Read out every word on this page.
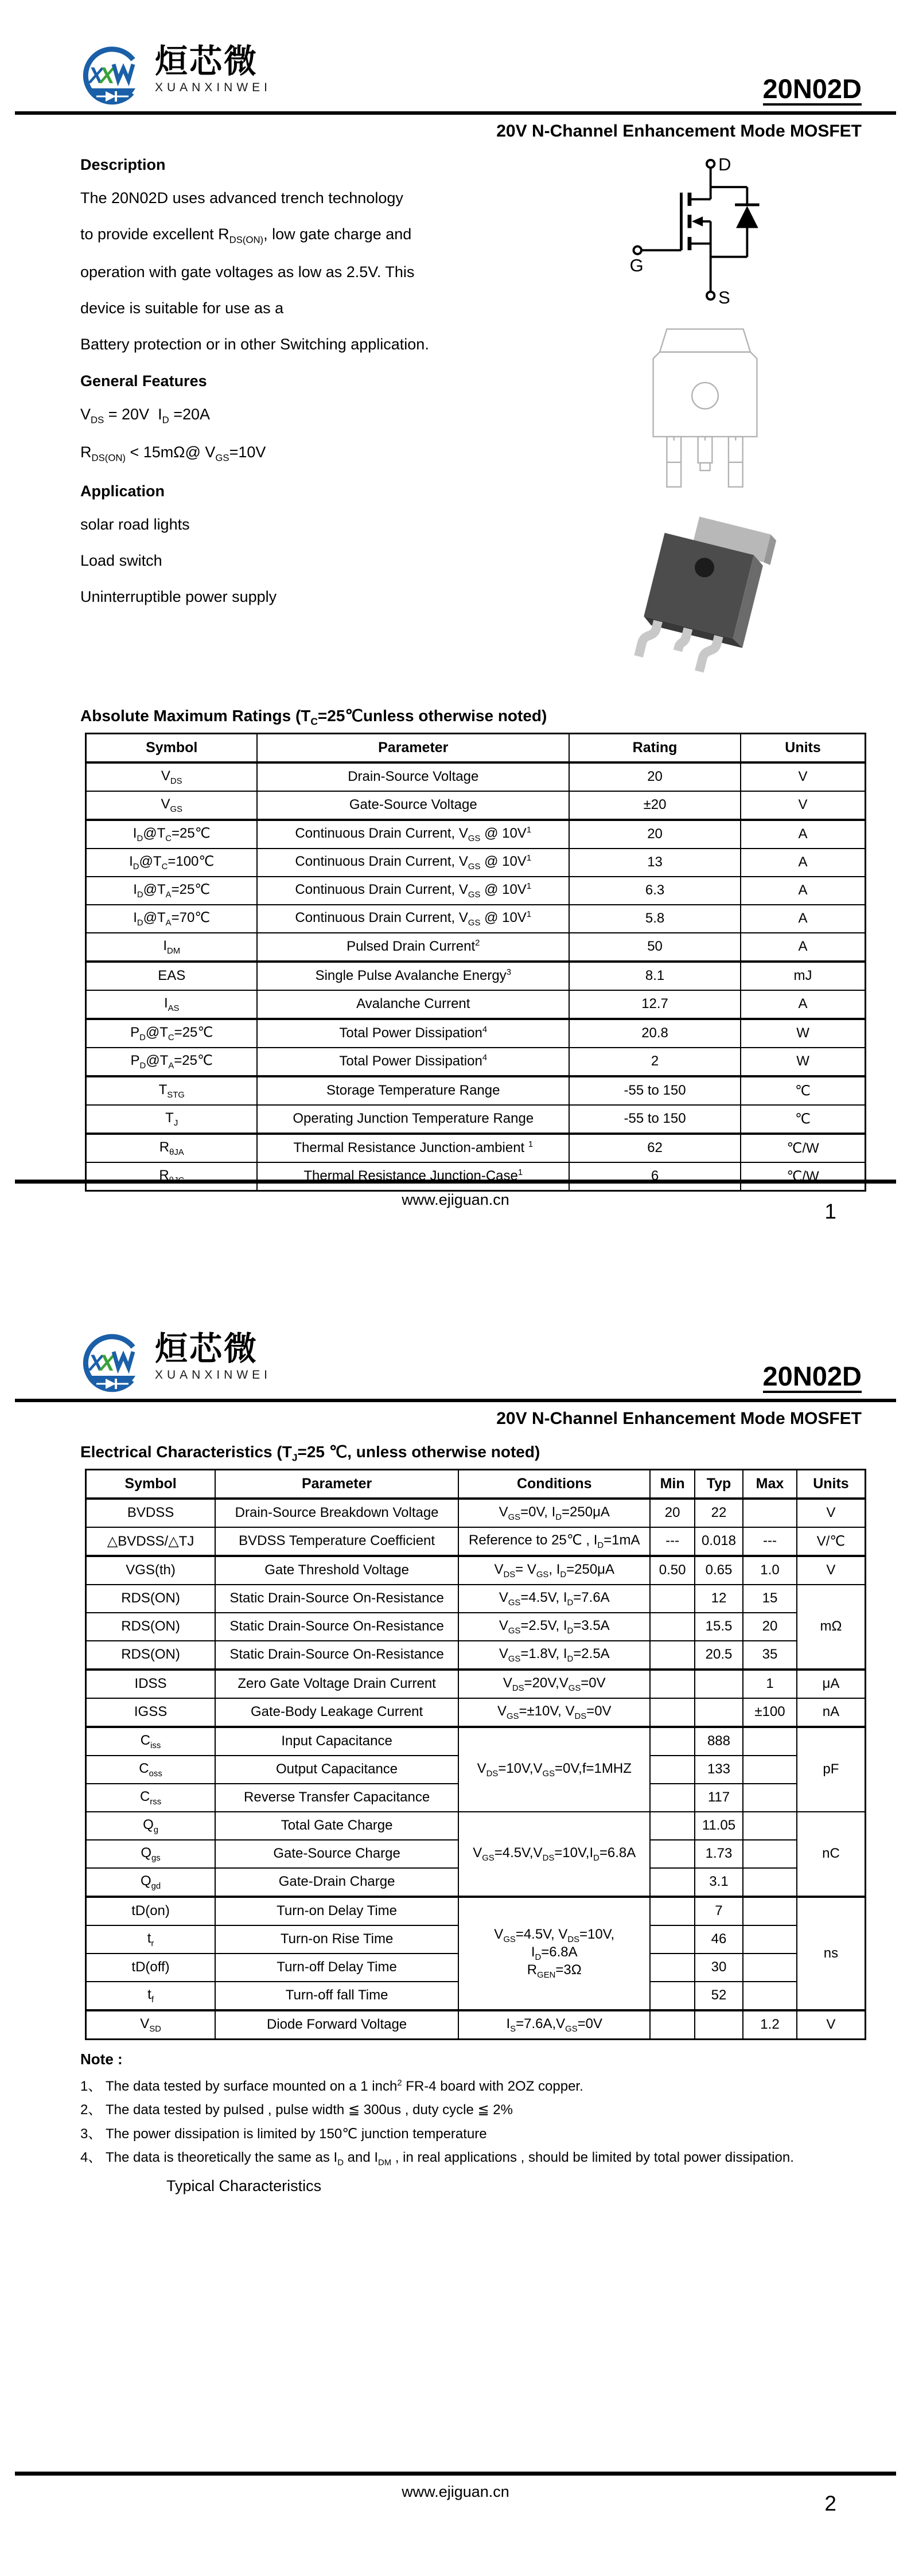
X
X 烜芯微
XUANXINWEI	20N02D
20V N-Channel Enhancement Mode MOSFET
Description

The 20N02D uses advanced trench technology

to provide excellent $R_{DS(ON)}$, low gate charge and

operation with gate voltages as low as 2.5V. This

device is suitable for use as a

Battery protection or in other Switching application.

General Features

$V_{DS} = 20V$  $I_D =20A$

$R_{DS(ON)}$ < 15mΩ@ $V_{GS}=10V$

Application

solar road lights

Load switch

Uninterruptible power supply

D
G
S
Absolute Maximum Ratings ($T_C=25℃unless$ otherwise noted)
Symbol	Parameter	Rating	Units
$V_{DS}$	Drain-Source Voltage	20	V
$V_{GS}$	Gate-Source Voltage	±20	V
$I_D@T_C=25℃$	Continuous Drain Current, $V_{GS}$ @ $10V^1$	20	A
$I_D@T_C=100℃$	Continuous Drain Current, $V_{GS}$ @ $10V^1$	13	A
$I_D@T_A=25℃$	Continuous Drain Current, $V_{GS}$ @ $10V^1$	6.3	A
$I_D@T_A=70℃$	Continuous Drain Current, $V_{GS}$ @ $10V^1$	5.8	A
$I_{DM}$	Pulsed Drain Current$^2$	50	A
EAS	Single Pulse Avalanche Energy$^3$	8.1	mJ
$I_{AS}$	Avalanche Current	12.7	A
$P_D@T_C=25℃$	Total Power Dissipation$^4$	20.8	W
$P_D@T_A=25℃$	Total Power Dissipation$^4$	2	W
$T_{STG}$	Storage Temperature Range	-55 to 150	℃
$T_J$	Operating Junction Temperature Range	-55 to 150	℃
$R_{\theta JA}$	Thermal Resistance Junction-ambient $^1$	62	℃/W
$R_{\theta JC}$	Thermal Resistance Junction-Case$^1$	6	℃/W
www.ejiguan.cn	1
X
X 烜芯微
XUANXINWEI	20N02D
20V N-Channel Enhancement Mode MOSFET
Electrical Characteristics ($T_J=25$ ℃, unless otherwise noted)
Symbol	Parameter	Conditions	Min	Typ	Max	Units
BVDSS	Drain-Source Breakdown Voltage	$V_{GS}=0V$, $I_D=250\mu A$	20	22		V
△BVDSS/△TJ	BVDSS Temperature Coefficient	Reference to 25℃ , $I_D=1mA$	---	0.018	---	V/℃
VGS(th)	Gate Threshold Voltage	$V_{DS}= V_{GS}$, $I_D=250\mu A$	0.50	0.65	1.0	V
RDS(ON)	Static Drain-Source On-Resistance	$V_{GS}=4.5V$, $I_D=7.6A$		12	15	mΩ
RDS(ON)	Static Drain-Source On-Resistance	$V_{GS}=2.5V$, $I_D=3.5A$		15.5	20	
RDS(ON)	Static Drain-Source On-Resistance	$V_{GS}=1.8V$, $I_D=2.5A$		20.5	35	
IDSS	Zero Gate Voltage Drain Current	$V_{DS}=20V,V_{GS}=0V$			1	μA
IGSS	Gate-Body Leakage Current	$V_{GS}=\pm 10V$, $V_{DS}=0V$			±100	nA
$C_{iss}$	Input Capacitance	$V_{DS}=10V,V_{GS}=0V,f=1MHZ$		888		pF
$C_{oss}$	Output Capacitance			133		
$C_{rss}$	Reverse Transfer Capacitance			117		
$Q_g$	Total Gate Charge	$V_{GS}=4.5V,V_{DS}=10V,I_D=6.8A$		11.05		nC
$Q_{gs}$	Gate-Source Charge			1.73		
$Q_{gd}$	Gate-Drain Charge			3.1		
tD(on)	Turn-on Delay Time	$V_{GS}=4.5V$, $V_{DS}=10V$,
$I_D=6.8A$
$R_{GEN}=3\Omega$		7		ns
$t_r$	Turn-on Rise Time			46		
tD(off)	Turn-off Delay Time			30		
$t_f$	Turn-off fall Time			52		
$V_{SD}$	Diode Forward Voltage	$I_S=7.6A,V_{GS}=0V$			1.2	V
Note :
1、 The data tested by surface mounted on a 1 inch$^2$ FR-4 board with 2OZ copper.
2、 The data tested by pulsed , pulse width ≦ 300us , duty cycle ≦ 2%
3、 The power dissipation is limited by 150℃ junction temperature
4、 The data is theoretically the same as $I_D$ and $I_{DM}$ , in real applications , should be limited by total power dissipation.
Typical Characteristics
www.ejiguan.cn	2
